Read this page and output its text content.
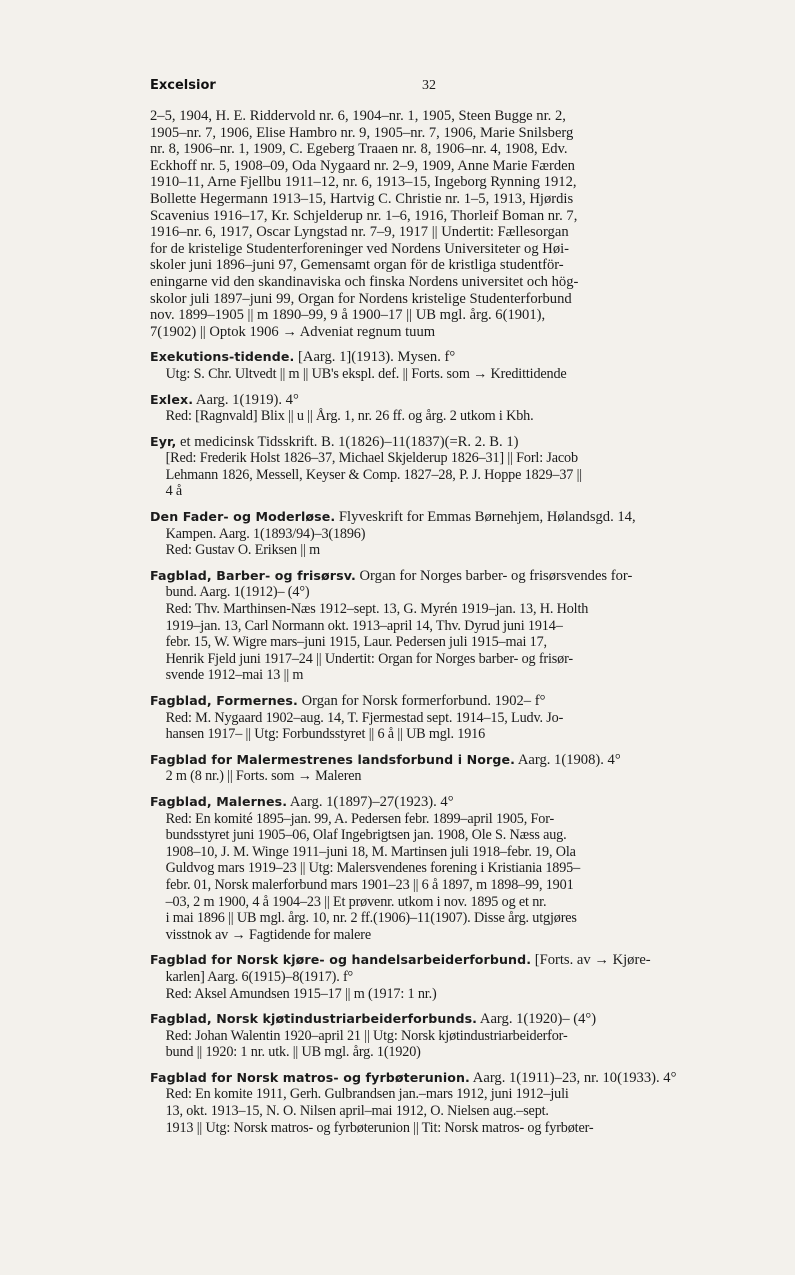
Excelsior	32
2–5, 1904, H. E. Riddervold nr. 6, 1904–nr. 1, 1905, Steen Bugge nr. 2,
1905–nr. 7, 1906, Elise Hambro nr. 9, 1905–nr. 7, 1906, Marie Snilsberg
nr. 8, 1906–nr. 1, 1909, C. Egeberg Traaen nr. 8, 1906–nr. 4, 1908, Edv.
Eckhoff nr. 5, 1908–09, Oda Nygaard nr. 2–9, 1909, Anne Marie Færden
1910–11, Arne Fjellbu 1911–12, nr. 6, 1913–15, Ingeborg Rynning 1912,
Bollette Hegermann 1913–15, Hartvig C. Christie nr. 1–5, 1913, Hjørdis
Scavenius 1916–17, Kr. Schjelderup nr. 1–6, 1916, Thorleif Boman nr. 7,
1916–nr. 6, 1917, Oscar Lyngstad nr. 7–9, 1917 || Undertit: Fællesorgan
for de kristelige Studenterforeninger ved Nordens Universiteter og Høi-
skoler juni 1896–juni 97, Gemensamt organ för de kristliga studentför-
eningarne vid den skandinaviska och finska Nordens universitet och hög-
skolor juli 1897–juni 99, Organ for Nordens kristelige Studenterforbund
nov. 1899–1905 || m 1890–99, 9 å 1900–17 || UB mgl. årg. 6(1901),
7(1902) || Optok 1906 → Adveniat regnum tuum
Exekutions-tidende. [Aarg. 1](1913). Mysen. f°
Utg: S. Chr. Ultvedt || m || UB's ekspl. def. || Forts. som → Kredittidende
Exlex. Aarg. 1(1919). 4°
Red: [Ragnvald] Blix || u || Årg. 1, nr. 26 ff. og årg. 2 utkom i Kbh.
Eyr, et medicinsk Tidsskrift. B. 1(1826)–11(1837)(=R. 2. B. 1)
[Red: Frederik Holst 1826–37, Michael Skjelderup 1826–31] || Forl: Jacob
Lehmann 1826, Messell, Keyser & Comp. 1827–28, P. J. Hoppe 1829–37 ||
4 å
Den Fader- og Moderløse. Flyveskrift for Emmas Børnehjem, Hølandsgd. 14,
Kampen. Aarg. 1(1893/94)–3(1896)
Red: Gustav O. Eriksen || m
Fagblad, Barber- og frisørsv. Organ for Norges barber- og frisørsvendes for-
bund. Aarg. 1(1912)– (4°)
Red: Thv. Marthinsen-Næs 1912–sept. 13, G. Myrén 1919–jan. 13, H. Holth
1919–jan. 13, Carl Normann okt. 1913–april 14, Thv. Dyrud juni 1914–
febr. 15, W. Wigre mars–juni 1915, Laur. Pedersen juli 1915–mai 17,
Henrik Fjeld juni 1917–24 || Undertit: Organ for Norges barber- og frisør-
svende 1912–mai 13 || m
Fagblad, Formernes. Organ for Norsk formerforbund. 1902– f°
Red: M. Nygaard 1902–aug. 14, T. Fjermestad sept. 1914–15, Ludv. Jo-
hansen 1917– || Utg: Forbundsstyret || 6 å || UB mgl. 1916
Fagblad for Malermestrenes landsforbund i Norge. Aarg. 1(1908). 4°
2 m (8 nr.) || Forts. som → Maleren
Fagblad, Malernes. Aarg. 1(1897)–27(1923). 4°
Red: En komité 1895–jan. 99, A. Pedersen febr. 1899–april 1905, For-
bundsstyret juni 1905–06, Olaf Ingebrigtsen jan. 1908, Ole S. Næss aug.
1908–10, J. M. Winge 1911–juni 18, M. Martinsen juli 1918–febr. 19, Ola
Guldvog mars 1919–23 || Utg: Malersvendenes forening i Kristiania 1895–
febr. 01, Norsk malerforbund mars 1901–23 || 6 å 1897, m 1898–99, 1901
–03, 2 m 1900, 4 å 1904–23 || Et prøvenr. utkom i nov. 1895 og et nr.
i mai 1896 || UB mgl. årg. 10, nr. 2 ff.(1906)–11(1907). Disse årg. utgjøres
visstnok av → Fagtidende for malere
Fagblad for Norsk kjøre- og handelsarbeiderforbund. [Forts. av → Kjøre-
karlen] Aarg. 6(1915)–8(1917). f°
Red: Aksel Amundsen 1915–17 || m (1917: 1 nr.)
Fagblad, Norsk kjøtindustriarbeiderforbunds. Aarg. 1(1920)– (4°)
Red: Johan Walentin 1920–april 21 || Utg: Norsk kjøtindustriarbeiderfor-
bund || 1920: 1 nr. utk. || UB mgl. årg. 1(1920)
Fagblad for Norsk matros- og fyrbøterunion. Aarg. 1(1911)–23, nr. 10(1933). 4°
Red: En komite 1911, Gerh. Gulbrandsen jan.–mars 1912, juni 1912–juli
13, okt. 1913–15, N. O. Nilsen april–mai 1912, O. Nielsen aug.–sept.
1913 || Utg: Norsk matros- og fyrbøterunion || Tit: Norsk matros- og fyrbøter-
